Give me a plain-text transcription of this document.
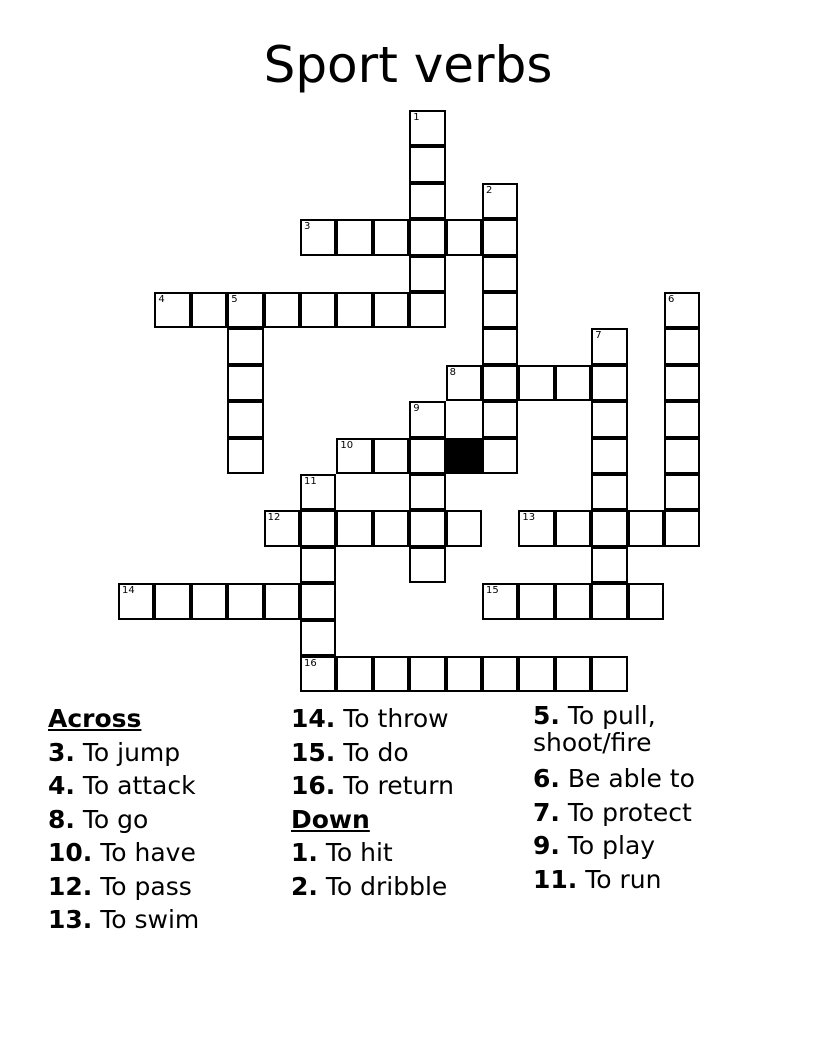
Sport verbs
1
2
3
4	5	6
7
8
9
10
11
12	13
14	15
16

Across

3. To jump

4. To attack

8. To go

10. To have

12. To pass

13. To swim

14. To throw

15. To do

16. To return

Down

1. To hit

2. To dribble

5. To pull,
shoot/fire

6. Be able to

7. To protect

9. To play

11. To run
